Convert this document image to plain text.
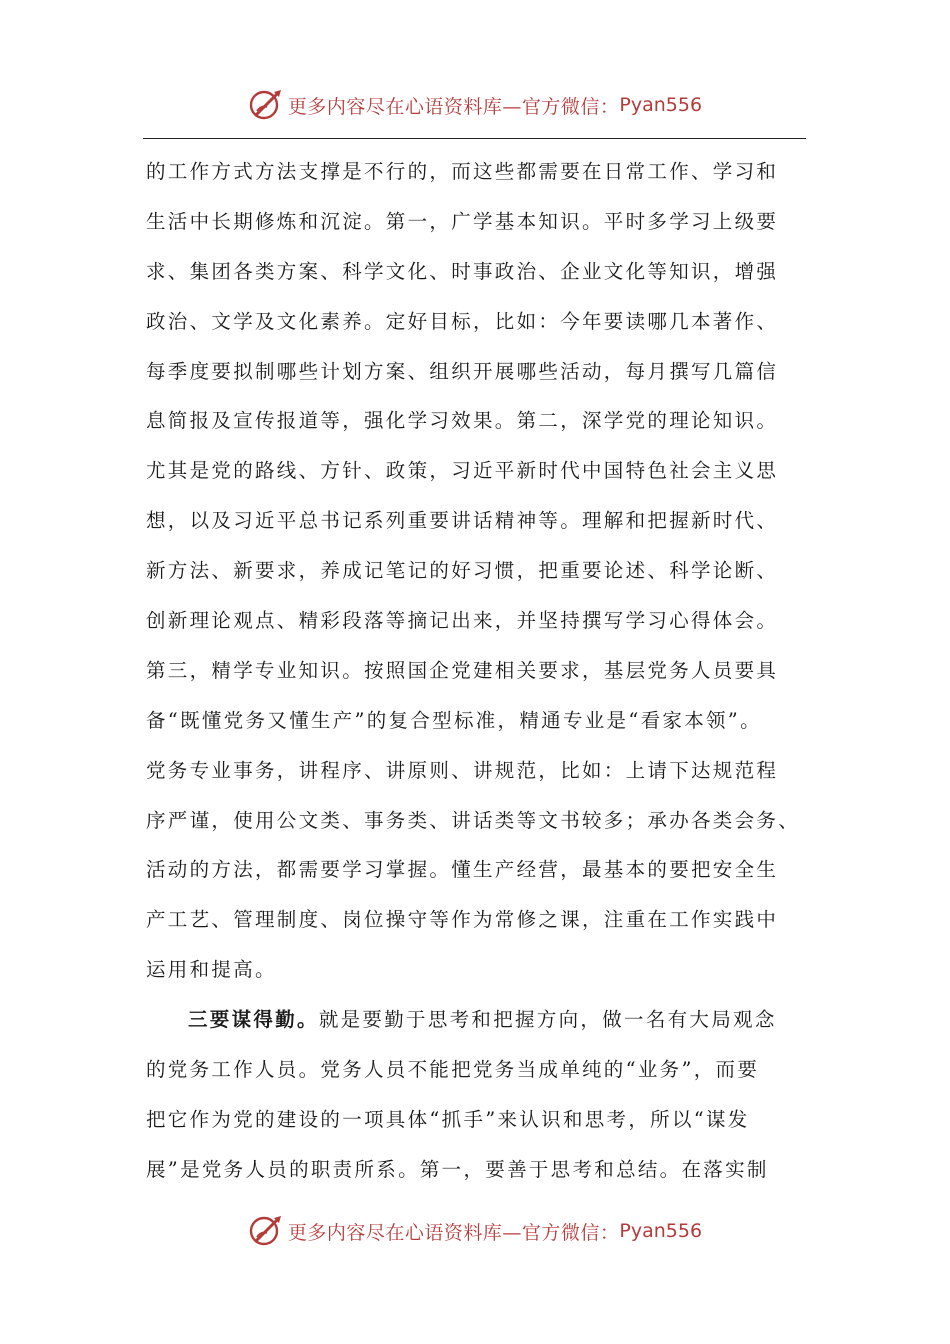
更多内容尽在心语资料库—官方微信： Pyan556
的工作方式方法支撑是不行的，而这些都需要在日常工作、学习和
生活中长期修炼和沉淀。第一，广学基本知识。平时多学习上级要
求、集团各类方案、科学文化、时事政治、企业文化等知识，增强
政治、文学及文化素养。定好目标，比如：今年要读哪几本著作、
每季度要拟制哪些计划方案、组织开展哪些活动，每月撰写几篇信
息简报及宣传报道等，强化学习效果。第二，深学党的理论知识。
尤其是党的路线、方针、政策，习近平新时代中国特色社会主义思
想，以及习近平总书记系列重要讲话精神等。理解和把握新时代、
新方法、新要求，养成记笔记的好习惯，把重要论述、科学论断、
创新理论观点、精彩段落等摘记出来，并坚持撰写学习心得体会。
第三，精学专业知识。按照国企党建相关要求，基层党务人员要具
备“既懂党务又懂生产”的复合型标准，精通专业是“看家本领”。
党务专业事务，讲程序、讲原则、讲规范，比如：上请下达规范程
序严谨，使用公文类、事务类、讲话类等文书较多；承办各类会务、
活动的方法，都需要学习掌握。懂生产经营，最基本的要把安全生
产工艺、管理制度、岗位操守等作为常修之课，注重在工作实践中
运用和提高。
三要谋得勤。就是要勤于思考和把握方向，做一名有大局观念
的党务工作人员。党务人员不能把党务当成单纯的“业务”，而要
把它作为党的建设的一项具体“抓手”来认识和思考，所以“谋发
展”是党务人员的职责所系。第一，要善于思考和总结。在落实制
更多内容尽在心语资料库—官方微信： Pyan556
